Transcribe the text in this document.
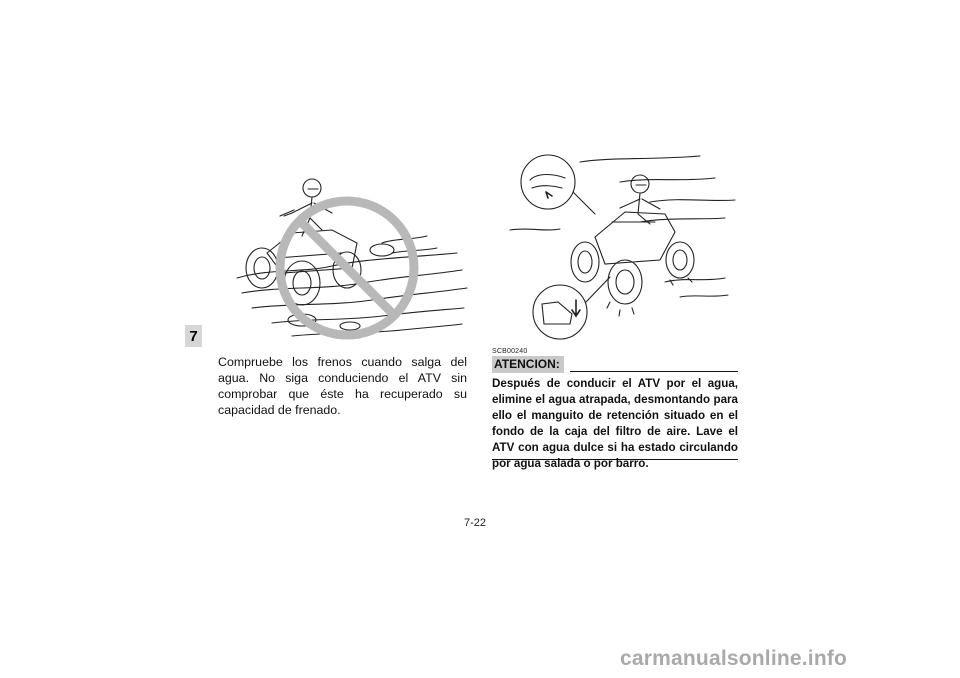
7

Compruebe los frenos cuando salga del agua. No siga conduciendo el ATV sin comprobar que éste ha recuperado su capacidad de frenado.

SCB00240
ATENCION:

Después de conducir el ATV por el agua, elimine el agua atrapada, desmontando para ello el manguito de retención situado en el fondo de la caja del filtro de aire. Lave el ATV con agua dulce si ha estado circulando por agua salada o por barro.

7-22
carmanualsonline.info
